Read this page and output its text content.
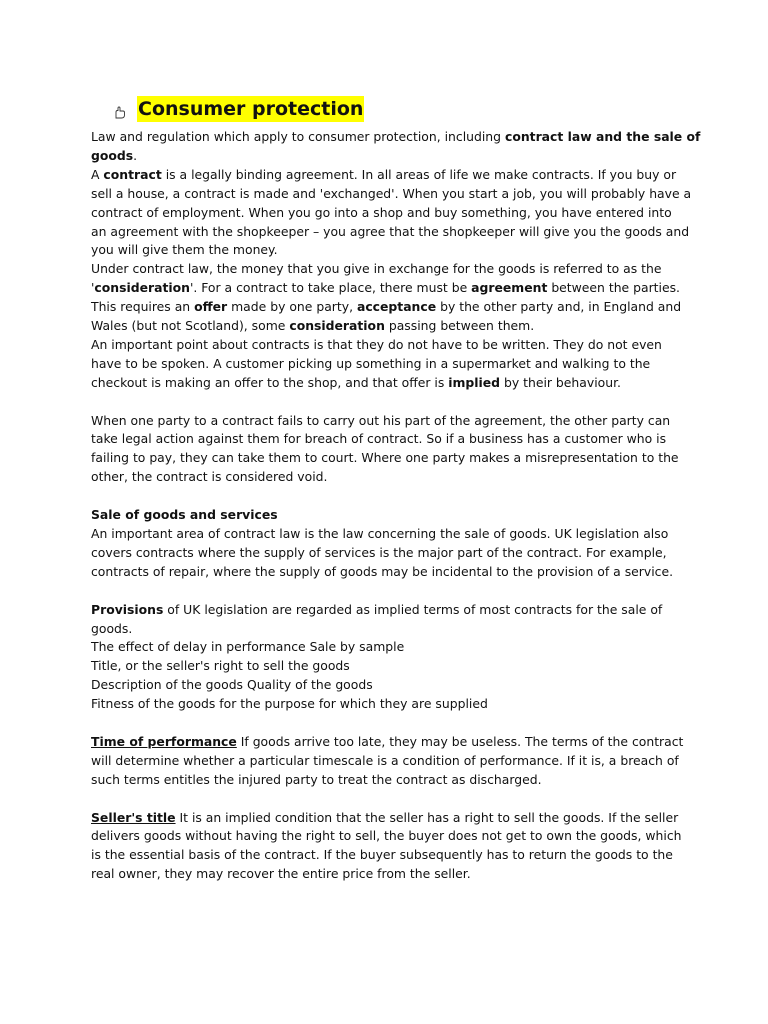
Consumer protection

Law and regulation which apply to consumer protection, including contract law and the sale of

goods.

A contract is a legally binding agreement. In all areas of life we make contracts. If you buy or

sell a house, a contract is made and 'exchanged'. When you start a job, you will probably have a

contract of employment. When you go into a shop and buy something, you have entered into

an agreement with the shopkeeper – you agree that the shopkeeper will give you the goods and

you will give them the money.

Under contract law, the money that you give in exchange for the goods is referred to as the

'consideration'. For a contract to take place, there must be agreement between the parties.

This requires an offer made by one party, acceptance by the other party and, in England and

Wales (but not Scotland), some consideration passing between them.

An important point about contracts is that they do not have to be written. They do not even

have to be spoken. A customer picking up something in a supermarket and walking to the

checkout is making an offer to the shop, and that offer is implied by their behaviour.

When one party to a contract fails to carry out his part of the agreement, the other party can

take legal action against them for breach of contract. So if a business has a customer who is

failing to pay, they can take them to court. Where one party makes a misrepresentation to the

other, the contract is considered void.

Sale of goods and services

An important area of contract law is the law concerning the sale of goods. UK legislation also

covers contracts where the supply of services is the major part of the contract. For example,

contracts of repair, where the supply of goods may be incidental to the provision of a service.

Provisions of UK legislation are regarded as implied terms of most contracts for the sale of

goods.

The effect of delay in performance Sale by sample

Title, or the seller's right to sell the goods

Description of the goods Quality of the goods

Fitness of the goods for the purpose for which they are supplied

Time of performance If goods arrive too late, they may be useless. The terms of the contract

will determine whether a particular timescale is a condition of performance. If it is, a breach of

such terms entitles the injured party to treat the contract as discharged.

Seller's title It is an implied condition that the seller has a right to sell the goods. If the seller

delivers goods without having the right to sell, the buyer does not get to own the goods, which

is the essential basis of the contract. If the buyer subsequently has to return the goods to the

real owner, they may recover the entire price from the seller.
